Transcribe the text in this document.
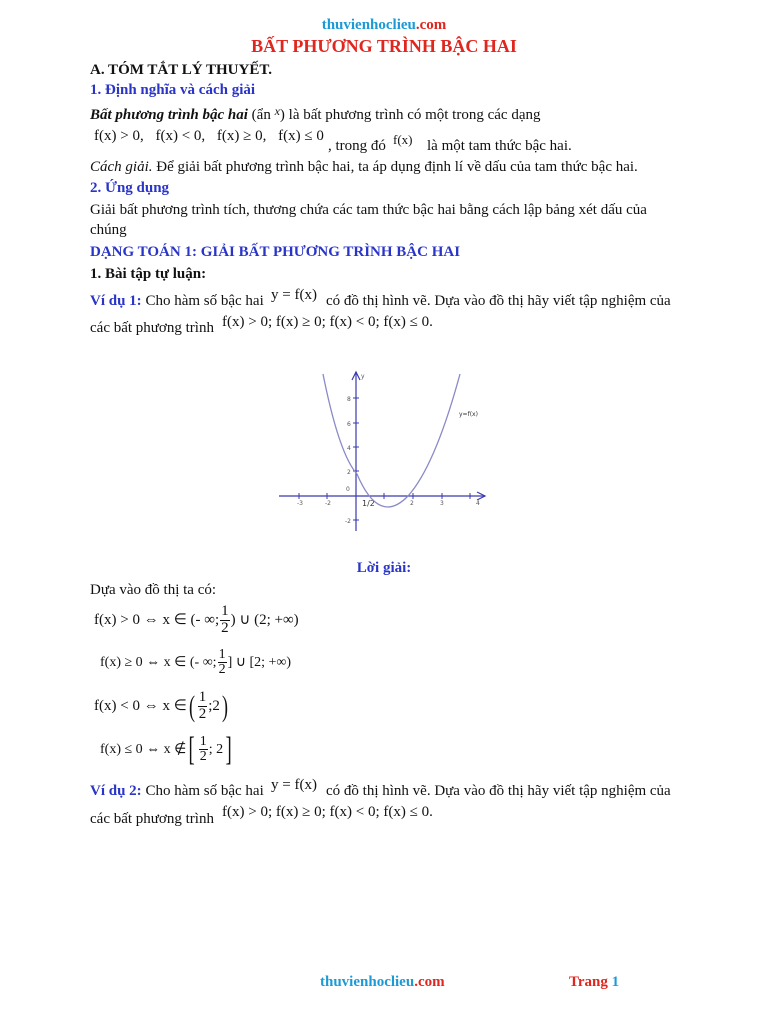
thuvienhoclieu.com
BẤT PHƯƠNG TRÌNH BẬC HAI
A. TÓM TẮT LÝ THUYẾT.
1. Định nghĩa và cách giải
Bất phương trình bậc hai (ẩn $^x$) là bất phương trình có một trong các dạng
f(x) > 0, f(x) < 0, f(x) ≥ 0, f(x) ≤ 0
, trong đó f(x) là một tam thức bậc hai.
Cách giải. Để giải bất phương trình bậc hai, ta áp dụng định lí về dấu của tam thức bậc hai.
2. Ứng dụng
Giải bất phương trình tích, thương chứa các tam thức bậc hai bằng cách lập bảng xét dấu của
chúng
DẠNG TOÁN 1: GIẢI BẤT PHƯƠNG TRÌNH BẬC HAI
1. Bài tập tự luận:
Ví dụ 1: Cho hàm số bậc hai y = f(x) có đồ thị hình vẽ. Dựa vào đồ thị hãy viết tập nghiệm của
các bất phương trình f(x) > 0; f(x) ≥ 0; f(x) < 0; f(x) ≤ 0.
-3	-2	2	3	4
8
6
4
2
-2
y
0
1/2
y=f(x)
Lời giải:
Dựa vào đồ thị ta có:
f(x) > 0 ⇔ x ∈ (- ∞; $\frac{1}{2}$ ) ∪ (2; +∞)
f(x) ≥ 0 ⇔ x ∈ (- ∞; $\frac{1}{2}$ ] ∪ [2; +∞)
f(x) < 0 ⇔ x ∈( $\frac{1}{2}$ ;2)
f(x) ≤ 0 ⇔ x ∉[ $\frac{1}{2}$ ; 2]
Ví dụ 2: Cho hàm số bậc hai y = f(x) có đồ thị hình vẽ. Dựa vào đồ thị hãy viết tập nghiệm của
các bất phương trình f(x) > 0; f(x) ≥ 0; f(x) < 0; f(x) ≤ 0.
thuvienhoclieu.com	Trang 1
